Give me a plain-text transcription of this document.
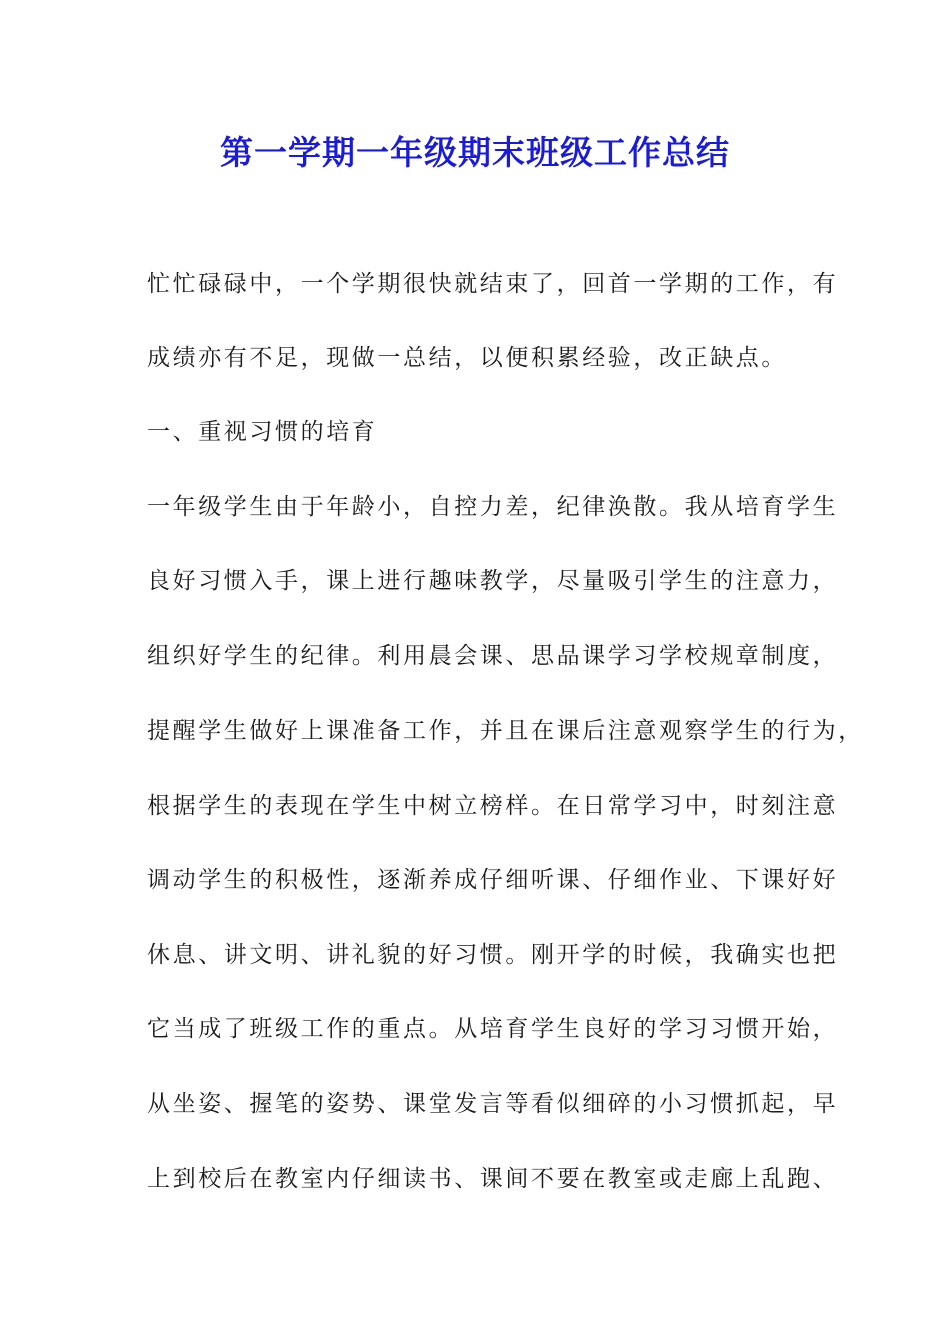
第一学期一年级期末班级工作总结
忙忙碌碌中，一个学期很快就结束了，回首一学期的工作，有
成绩亦有不足，现做一总结，以便积累经验，改正缺点。
一、重视习惯的培育
一年级学生由于年龄小，自控力差，纪律涣散。我从培育学生
良好习惯入手，课上进行趣味教学，尽量吸引学生的注意力，
组织好学生的纪律。利用晨会课、思品课学习学校规章制度，
提醒学生做好上课准备工作，并且在课后注意观察学生的行为，
根据学生的表现在学生中树立榜样。在日常学习中，时刻注意
调动学生的积极性，逐渐养成仔细听课、仔细作业、下课好好
休息、讲文明、讲礼貌的好习惯。刚开学的时候，我确实也把
它当成了班级工作的重点。从培育学生良好的学习习惯开始，
从坐姿、握笔的姿势、课堂发言等看似细碎的小习惯抓起，早
上到校后在教室内仔细读书、课间不要在教室或走廊上乱跑、
